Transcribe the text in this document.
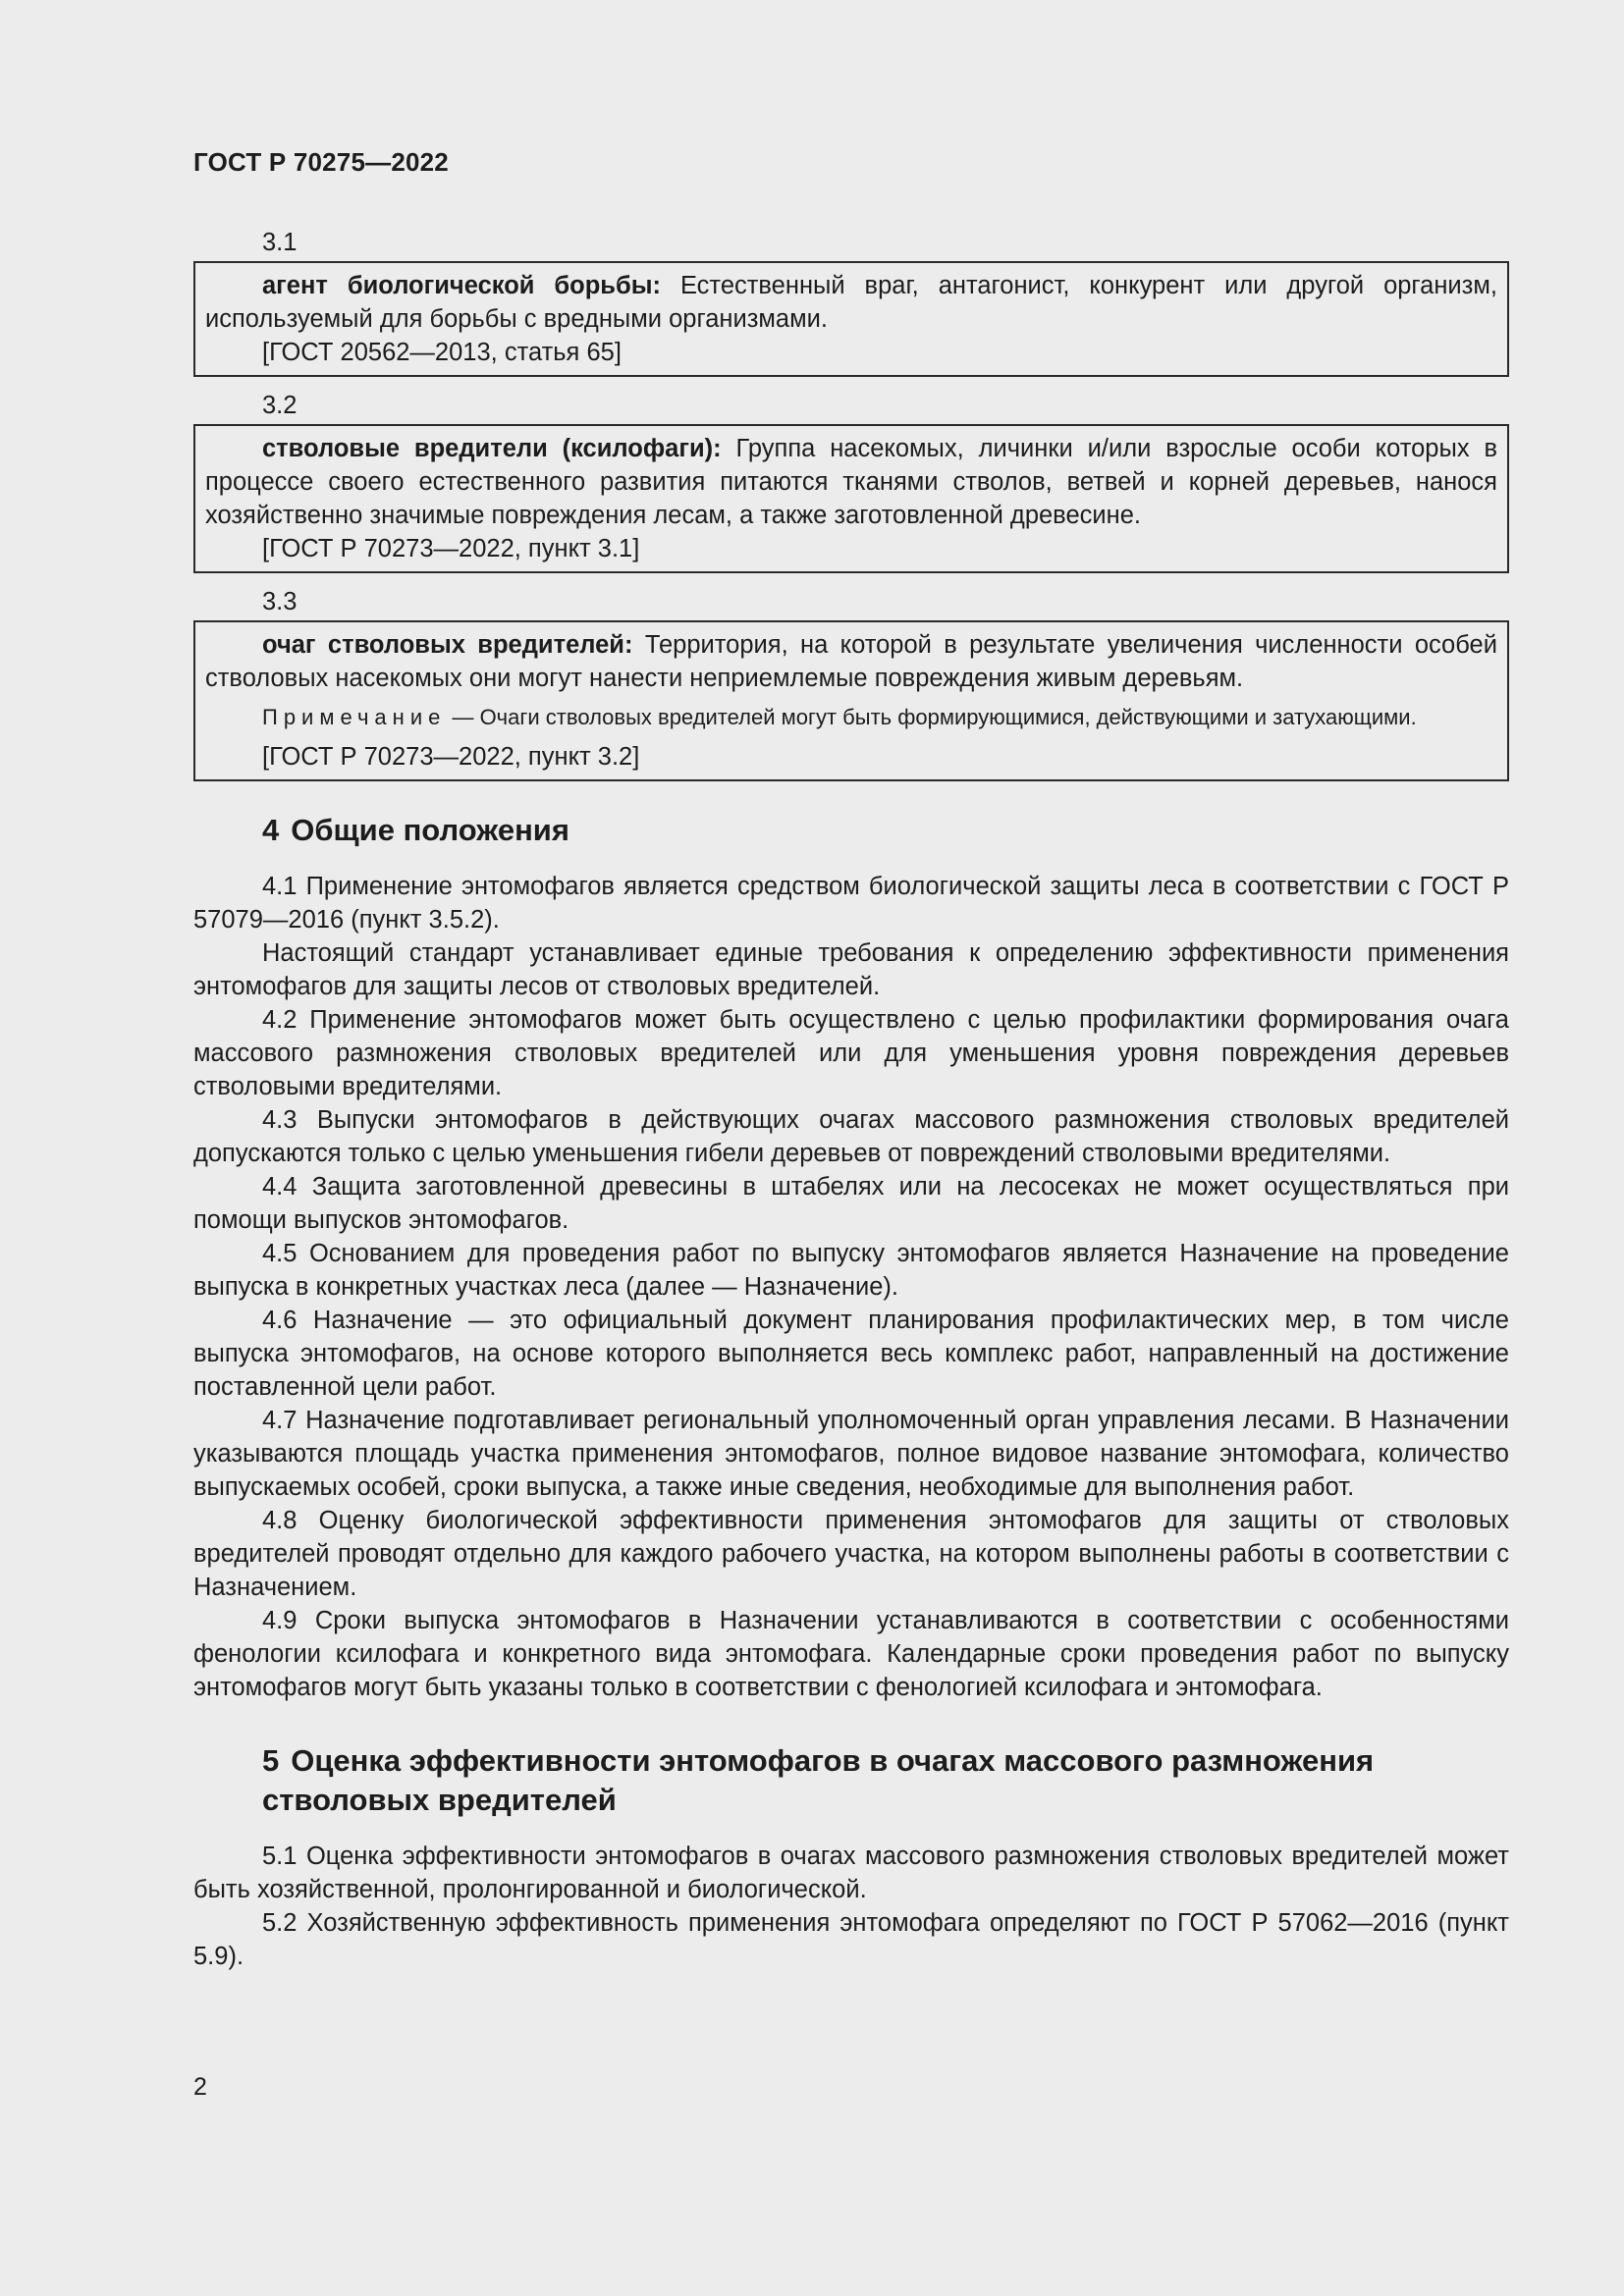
ГОСТ Р 70275—2022
3.1

агент биологической борьбы: Естественный враг, антагонист, конкурент или другой организм, используемый для борьбы с вредными организмами.

[ГОСТ 20562—2013, статья 65]

3.2

стволовые вредители (ксилофаги): Группа насекомых, личинки и/или взрослые особи которых в процессе своего естественного развития питаются тканями стволов, ветвей и корней деревьев, нанося хозяйственно значимые повреждения лесам, а также заготовленной древесине.

[ГОСТ Р 70273—2022, пункт 3.1]

3.3

очаг стволовых вредителей: Территория, на которой в результате увеличения численности особей стволовых насекомых они могут нанести неприемлемые повреждения живым деревьям.

Примечание — Очаги стволовых вредителей могут быть формирующимися, действующими и затухающими.

[ГОСТ Р 70273—2022, пункт 3.2]

4 Общие положения

4.1 Применение энтомофагов является средством биологической защиты леса в соответствии с ГОСТ Р 57079—2016 (пункт 3.5.2).

Настоящий стандарт устанавливает единые требования к определению эффективности применения энтомофагов для защиты лесов от стволовых вредителей.

4.2 Применение энтомофагов может быть осуществлено с целью профилактики формирования очага массового размножения стволовых вредителей или для уменьшения уровня повреждения деревьев стволовыми вредителями.

4.3 Выпуски энтомофагов в действующих очагах массового размножения стволовых вредителей допускаются только с целью уменьшения гибели деревьев от повреждений стволовыми вредителями.

4.4 Защита заготовленной древесины в штабелях или на лесосеках не может осуществляться при помощи выпусков энтомофагов.

4.5 Основанием для проведения работ по выпуску энтомофагов является Назначение на проведение выпуска в конкретных участках леса (далее — Назначение).

4.6 Назначение — это официальный документ планирования профилактических мер, в том числе выпуска энтомофагов, на основе которого выполняется весь комплекс работ, направленный на достижение поставленной цели работ.

4.7 Назначение подготавливает региональный уполномоченный орган управления лесами. В Назначении указываются площадь участка применения энтомофагов, полное видовое название энтомофага, количество выпускаемых особей, сроки выпуска, а также иные сведения, необходимые для выполнения работ.

4.8 Оценку биологической эффективности применения энтомофагов для защиты от стволовых вредителей проводят отдельно для каждого рабочего участка, на котором выполнены работы в соответствии с Назначением.

4.9 Сроки выпуска энтомофагов в Назначении устанавливаются в соответствии с особенностями фенологии ксилофага и конкретного вида энтомофага. Календарные сроки проведения работ по выпуску энтомофагов могут быть указаны только в соответствии с фенологией ксилофага и энтомофага.

5 Оценка эффективности энтомофагов в очагах массового размножения стволовых вредителей

5.1 Оценка эффективности энтомофагов в очагах массового размножения стволовых вредителей может быть хозяйственной, пролонгированной и биологической.

5.2 Хозяйственную эффективность применения энтомофага определяют по ГОСТ Р 57062—2016 (пункт 5.9).

2
